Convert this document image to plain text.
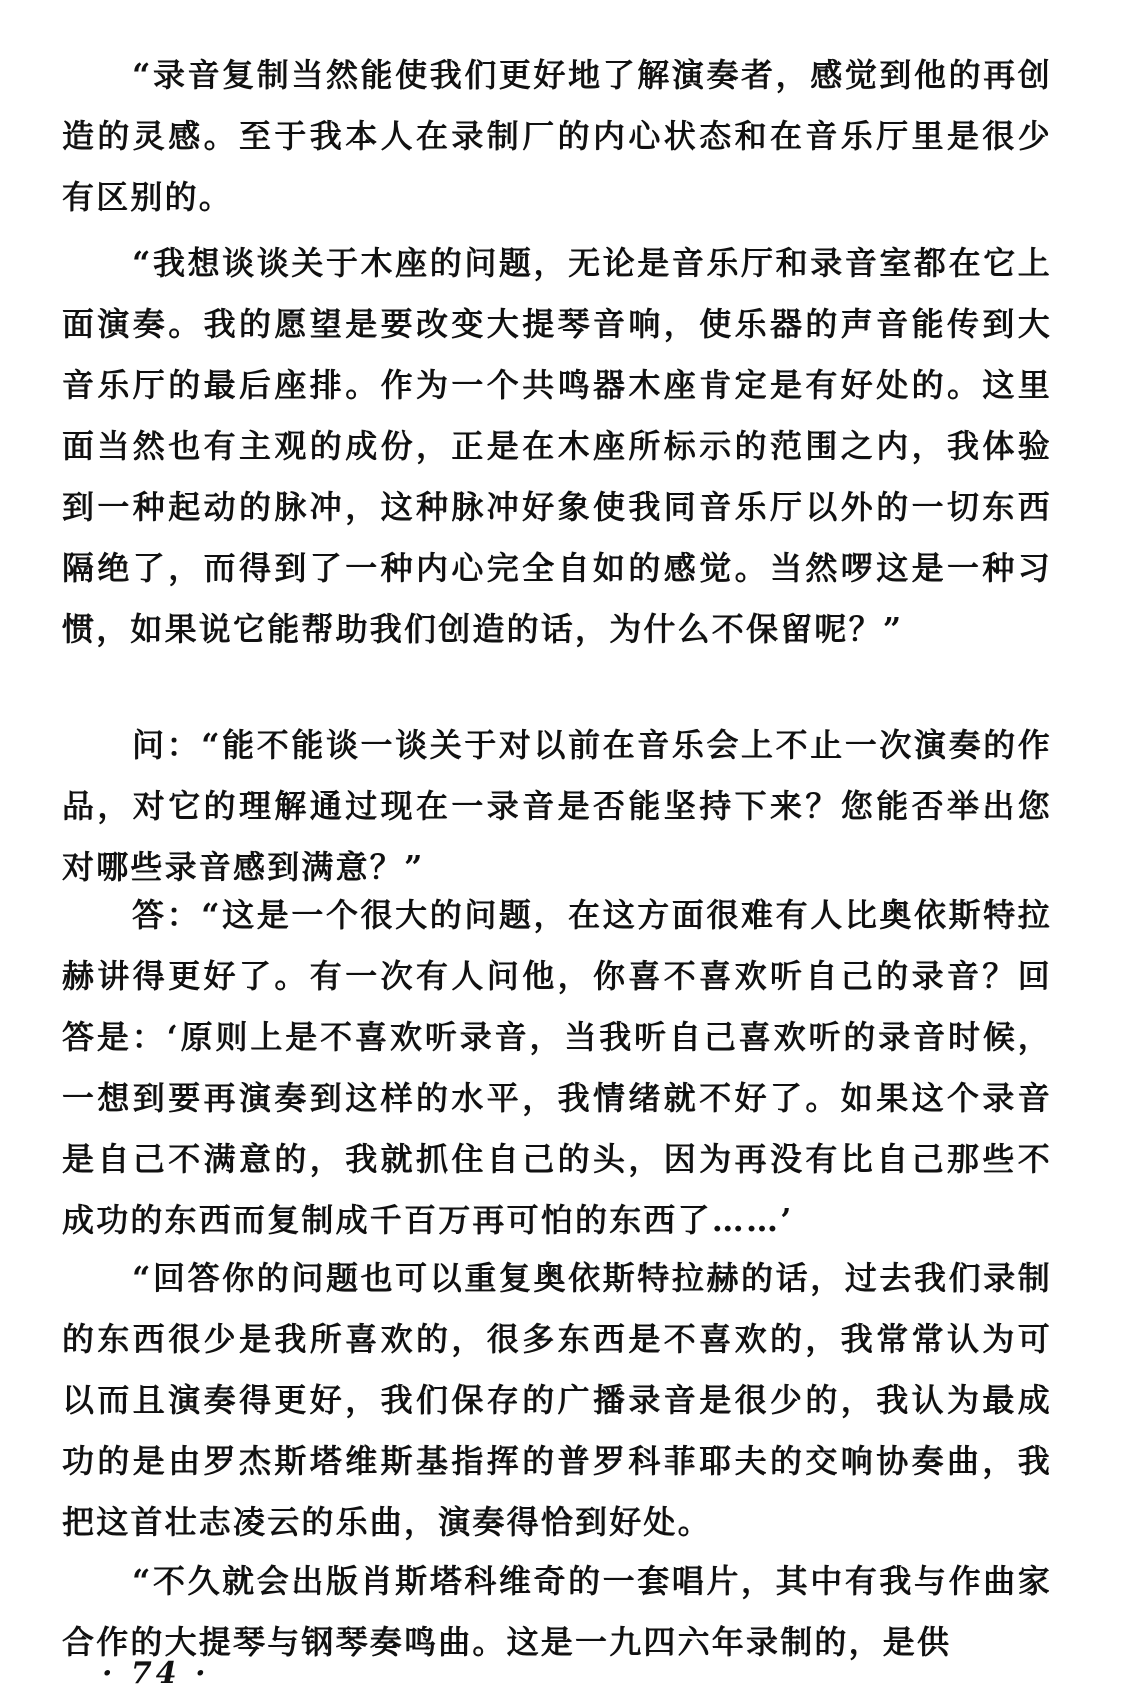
“录音复制当然能使我们更好地了解演奏者，感觉到他的再创造的灵感。至于我本人在录制厂的内心状态和在音乐厅里是很少有区别的。

“我想谈谈关于木座的问题，无论是音乐厅和录音室都在它上面演奏。我的愿望是要改变大提琴音响，使乐器的声音能传到大音乐厅的最后座排。作为一个共鸣器木座肯定是有好处的。这里面当然也有主观的成份，正是在木座所标示的范围之内，我体验到一种起动的脉冲，这种脉冲好象使我同音乐厅以外的一切东西隔绝了，而得到了一种内心完全自如的感觉。当然啰这是一种习惯，如果说它能帮助我们创造的话，为什么不保留呢？”

问：“能不能谈一谈关于对以前在音乐会上不止一次演奏的作品，对它的理解通过现在一录音是否能坚持下来？您能否举出您对哪些录音感到满意？”

答：“这是一个很大的问题，在这方面很难有人比奥依斯特拉赫讲得更好了。有一次有人问他，你喜不喜欢听自己的录音？回答是：‘原则上是不喜欢听录音，当我听自己喜欢听的录音时候，一想到要再演奏到这样的水平，我情绪就不好了。如果这个录音是自己不满意的，我就抓住自己的头，因为再没有比自己那些不成功的东西而复制成千百万再可怕的东西了……’

“回答你的问题也可以重复奥依斯特拉赫的话，过去我们录制的东西很少是我所喜欢的，很多东西是不喜欢的，我常常认为可以而且演奏得更好，我们保存的广播录音是很少的，我认为最成功的是由罗杰斯塔维斯基指挥的普罗科菲耶夫的交响协奏曲，我把这首壮志凌云的乐曲，演奏得恰到好处。

“不久就会出版肖斯塔科维奇的一套唱片，其中有我与作曲家合作的大提琴与钢琴奏鸣曲。这是一九四六年录制的，是供

· 74 ·
